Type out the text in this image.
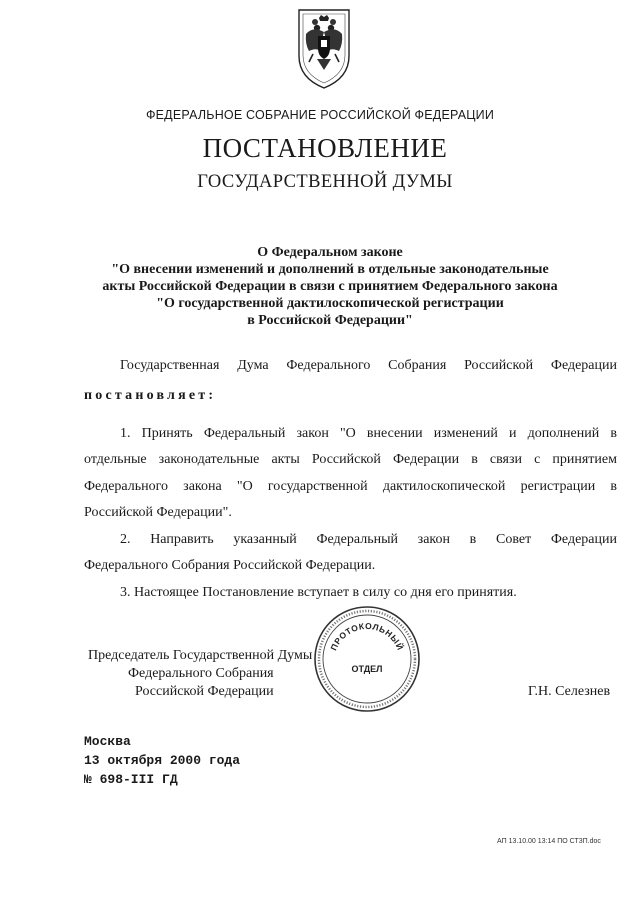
ФЕДЕРАЛЬНОЕ СОБРАНИЕ РОССИЙСКОЙ ФЕДЕРАЦИИ
ПОСТАНОВЛЕНИЕ
ГОСУДАРСТВЕННОЙ ДУМЫ
О Федеральном законе
"О внесении изменений и дополнений в отдельные законодательные
акты Российской Федерации в связи с принятием Федерального закона
"О государственной дактилоскопической регистрации
в Российской Федерации"
Государственная Дума Федерального Собрания Российской Федерации
постановляет:
1. Принять Федеральный закон "О внесении изменений и дополнений в
отдельные законодательные акты Российской Федерации в связи с принятием
Федерального закона "О государственной дактилоскопической регистрации в
Российской Федерации".
2. Направить указанный Федеральный закон в Совет Федерации
Федерального Собрания Российской Федерации.
3. Настоящее Постановление вступает в силу со дня его принятия.
ПРОТОКОЛЬНЫЙ
ОТДЕЛ
Председатель Государственной Думы
Федерального Собрания
Российской Федерации	Г.Н. Селезнев
Москва
13 октября 2000 года
№ 698-III ГД
АП 13.10.00 13:14 ПО СТ3П.doc
